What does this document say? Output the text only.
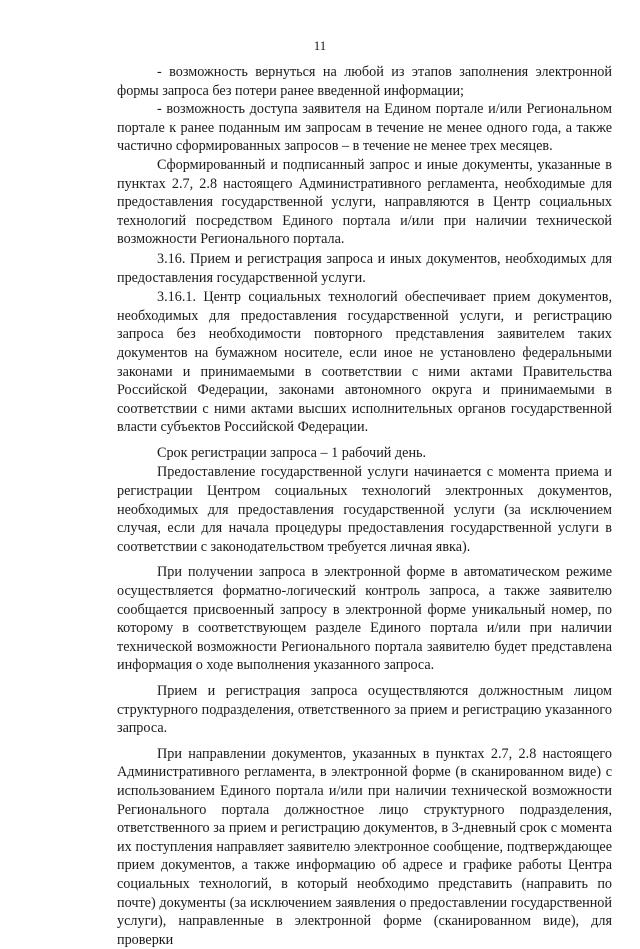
11

- возможность вернуться на любой из этапов заполнения электронной формы запроса без потери ранее введенной информации;

- возможность доступа заявителя на Едином портале и/или Региональном портале к ранее поданным им запросам в течение не менее одного года, а также частично сформированных запросов – в течение не менее трех месяцев.

Сформированный и подписанный запрос и иные документы, указанные в пунктах 2.7, 2.8 настоящего Административного регламента, необходимые для предоставления государственной услуги, направляются в Центр социальных технологий посредством Единого портала и/или при наличии технической возможности Регионального портала.

3.16. Прием и регистрация запроса и иных документов, необходимых для предоставления государственной услуги.

3.16.1. Центр социальных технологий обеспечивает прием документов, необходимых для предоставления государственной услуги, и регистрацию запроса без необходимости повторного представления заявителем таких документов на бумажном носителе, если иное не установлено федеральными законами и принимаемыми в соответствии с ними актами Правительства Российской Федерации, законами автономного округа и принимаемыми в соответствии с ними актами высших исполнительных органов государственной власти субъектов Российской Федерации.

Срок регистрации запроса – 1 рабочий день.

Предоставление государственной услуги начинается с момента приема и регистрации Центром социальных технологий электронных документов, необходимых для предоставления государственной услуги (за исключением случая, если для начала процедуры предоставления государственной услуги в соответствии с законодательством требуется личная явка).

При получении запроса в электронной форме в автоматическом режиме осуществляется форматно-логический контроль запроса, а также заявителю сообщается присвоенный запросу в электронной форме уникальный номер, по которому в соответствующем разделе Единого портала и/или при наличии технической возможности Регионального портала заявителю будет представлена информация о ходе выполнения указанного запроса.

Прием и регистрация запроса осуществляются должностным лицом структурного подразделения, ответственного за прием и регистрацию указанного запроса.

При направлении документов, указанных в пунктах 2.7, 2.8 настоящего Административного регламента, в электронной форме (в сканированном виде) с использованием Единого портала и/или при наличии технической возможности Регионального портала должностное лицо структурного подразделения, ответственного за прием и регистрацию документов, в 3-дневный срок с момента их поступления направляет заявителю электронное сообщение, подтверждающее прием документов, а также информацию об адресе и графике работы Центра социальных технологий, в который необходимо представить (направить по почте) документы (за исключением заявления о предоставлении государственной услуги), направленные в электронной форме (сканированном виде), для проверки
